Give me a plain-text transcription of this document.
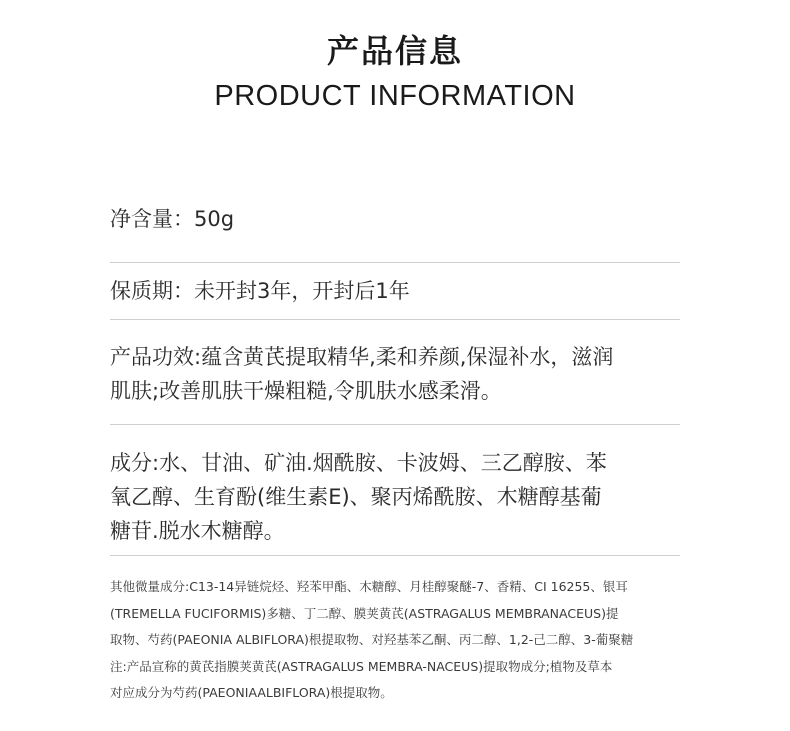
产品信息
PRODUCT INFORMATION
净含量：50g
保质期：未开封3年，开封后1年
产品功效:蕴含黄芪提取精华,柔和养颜,保湿补水，滋润
肌肤;改善肌肤干燥粗糙,令肌肤水感柔滑。
成分:水、甘油、矿油.烟酰胺、卡波姆、三乙醇胺、苯
氧乙醇、生育酚(维生素E)、聚丙烯酰胺、木糖醇基葡
糖苷.脱水木糖醇。
其他微量成分:C13-14异链烷烃、羟苯甲酯、木糖醇、月桂醇聚醚-7、香精、CI 16255、银耳
(TREMELLA FUCIFORMIS)多糖、丁二醇、膜荚黄芪(ASTRAGALUS MEMBRANACEUS)提
取物、芍药(PAEONIA ALBIFLORA)根提取物、对羟基苯乙酮、丙二醇、1,2-己二醇、3-葡聚糖
注:产品宣称的黄芪指膜荚黄芪(ASTRAGALUS MEMBRA-NACEUS)提取物成分;植物及草本
对应成分为芍药(PAEONIAALBIFLORA)根提取物。
